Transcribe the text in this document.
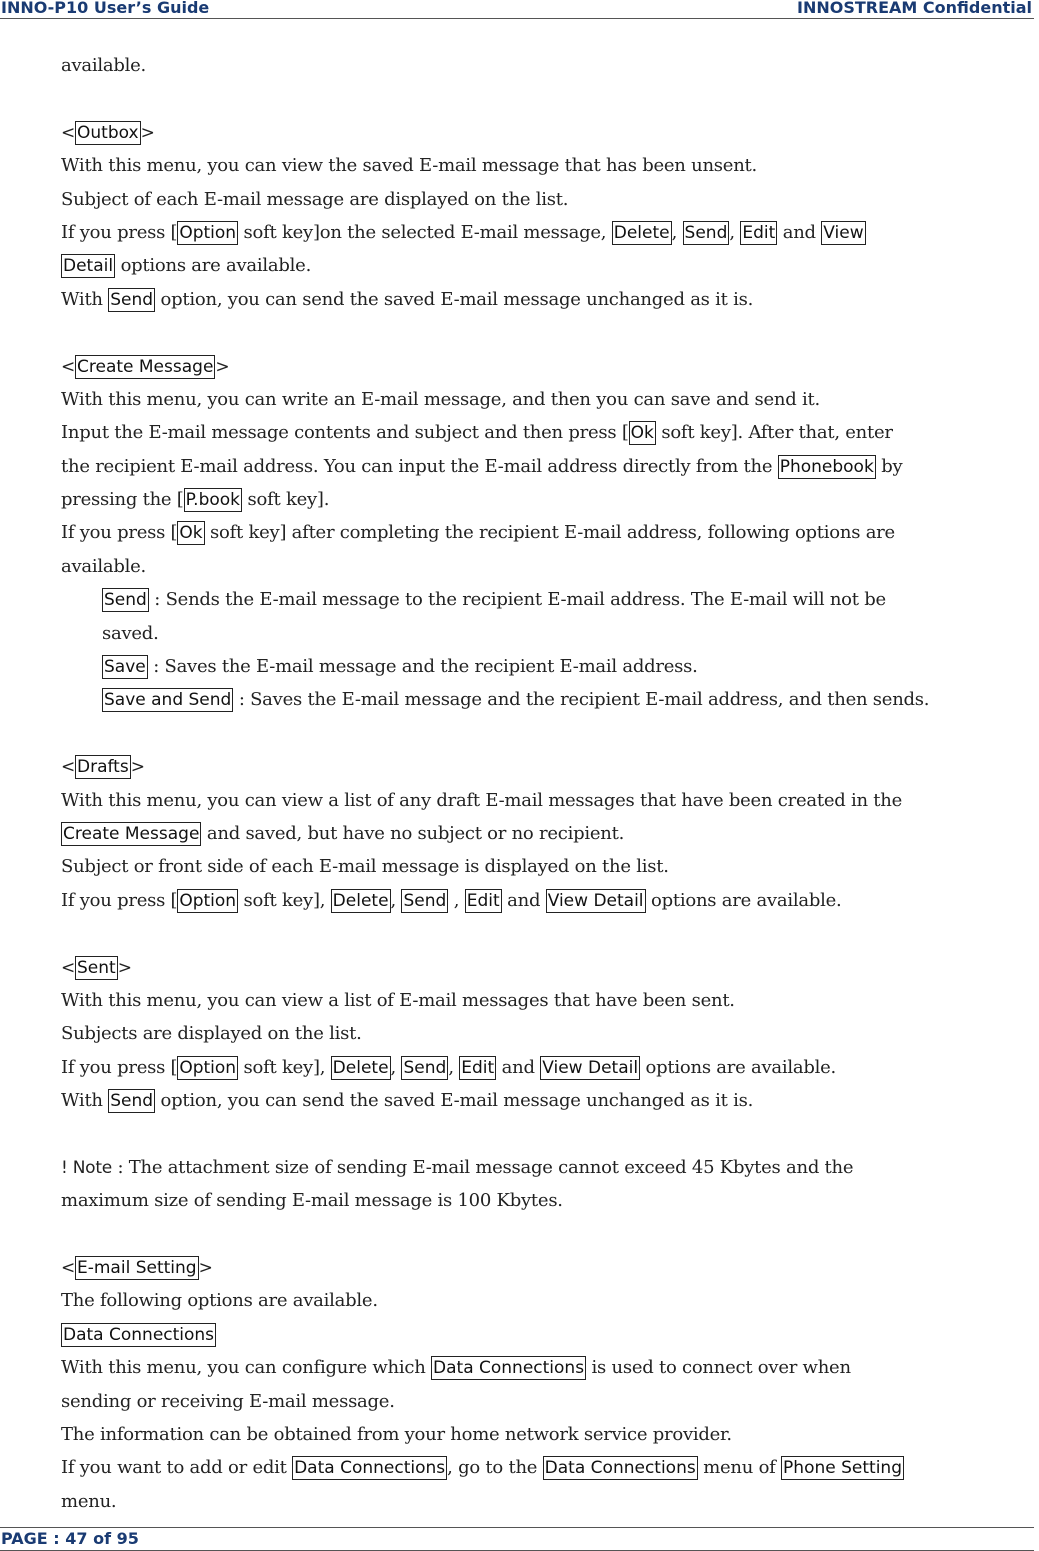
INNO-P10 User’s Guide	INNOSTREAM Confidential
available.
< Outbox >
With this menu, you can view the saved E-mail message that has been unsent.
Subject of each E-mail message are displayed on the list.
If you press [ Option soft key]on the selected E-mail message, Delete , Send , Edit and View
Detail options are available.
With Send option, you can send the saved E-mail message unchanged as it is.
< Create Message >
With this menu, you can write an E-mail message, and then you can save and send it.
Input the E-mail message contents and subject and then press [ Ok soft key]. After that, enter
the recipient E-mail address. You can input the E-mail address directly from the Phonebook by
pressing the [ P.book soft key].
If you press [ Ok soft key] after completing the recipient E-mail address, following options are
available.
Send : Sends the E-mail message to the recipient E-mail address. The E-mail will not be
saved.
Save : Saves the E-mail message and the recipient E-mail address.
Save and Send : Saves the E-mail message and the recipient E-mail address, and then sends.
< Drafts >
With this menu, you can view a list of any draft E-mail messages that have been created in the
Create Message and saved, but have no subject or no recipient.
Subject or front side of each E-mail message is displayed on the list.
If you press [ Option soft key], Delete , Send , Edit and View Detail options are available.
< Sent >
With this menu, you can view a list of E-mail messages that have been sent.
Subjects are displayed on the list.
If you press [ Option soft key], Delete , Send , Edit and View Detail options are available.
With Send option, you can send the saved E-mail message unchanged as it is.
! Note : The attachment size of sending E-mail message cannot exceed 45 Kbytes and the
maximum size of sending E-mail message is 100 Kbytes.
< E-mail Setting >
The following options are available.
Data Connections
With this menu, you can configure which Data Connections is used to connect over when
sending or receiving E-mail message.
The information can be obtained from your home network service provider.
If you want to add or edit Data Connections , go to the Data Connections menu of Phone Setting
menu.
PAGE : 47 of 95
